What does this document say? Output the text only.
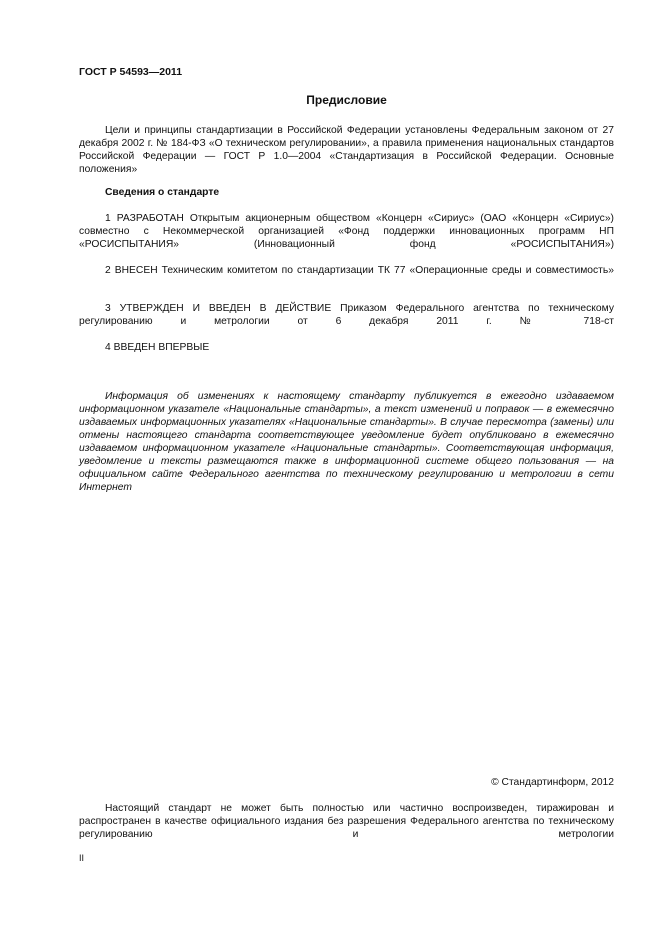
ГОСТ Р 54593—2011
Предисловие

Цели и принципы стандартизации в Российской Федерации установлены Федеральным законом от 27 декабря 2002 г. № 184-ФЗ «О техническом регулировании», а правила применения национальных стандартов Российской Федерации — ГОСТ Р 1.0—2004 «Стандартизация в Российской Федерации. Основные положения»

Сведения о стандарте

1 РАЗРАБОТАН Открытым акционерным обществом «Концерн «Сириус» (ОАО «Концерн «Сириус») совместно с Некоммерческой организацией «Фонд поддержки инновационных программ НП «РОСИСПЫТАНИЯ» (Инновационный фонд «РОСИСПЫТАНИЯ»)

2 ВНЕСЕН Техническим комитетом по стандартизации ТК 77 «Операционные среды и совместимость»

3 УТВЕРЖДЕН И ВВЕДЕН В ДЕЙСТВИЕ Приказом Федерального агентства по техническому регулированию и метрологии от 6 декабря 2011 г. № 718-ст

4 ВВЕДЕН ВПЕРВЫЕ

Информация об изменениях к настоящему стандарту публикуется в ежегодно издаваемом информационном указателе «Национальные стандарты», а текст изменений и поправок — в ежемесячно издаваемых информационных указателях «Национальные стандарты». В случае пересмотра (замены) или отмены настоящего стандарта соответствующее уведомление будет опубликовано в ежемесячно издаваемом информационном указателе «Национальные стандарты». Соответствующая информация, уведомление и тексты размещаются также в информационной системе общего пользования — на официальном сайте Федерального агентства по техническому регулированию и метрологии в сети Интернет

© Стандартинформ, 2012

Настоящий стандарт не может быть полностью или частично воспроизведен, тиражирован и распространен в качестве официального издания без разрешения Федерального агентства по техническому регулированию и метрологии

II
